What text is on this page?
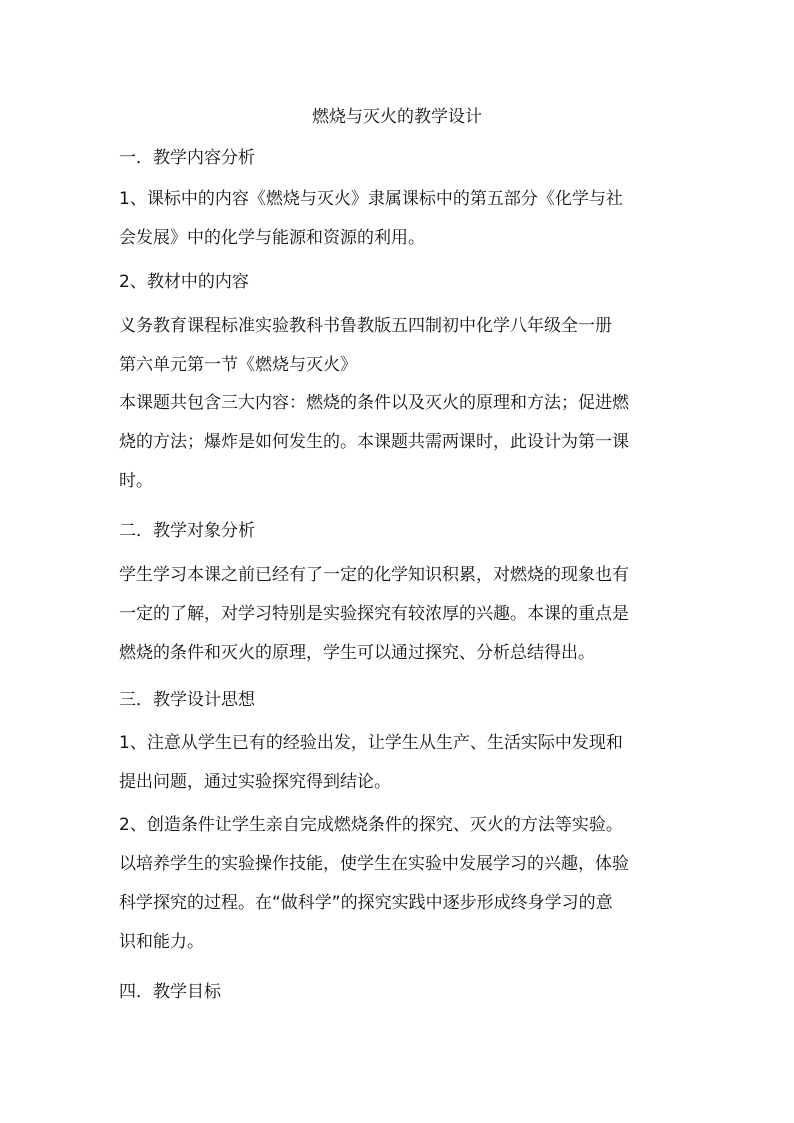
燃烧与灭火的教学设计

一．教学内容分析

1、课标中的内容《燃烧与灭火》隶属课标中的第五部分《化学与社
会发展》中的化学与能源和资源的利用。

2、教材中的内容

义务教育课程标准实验教科书鲁教版五四制初中化学八年级全一册
第六单元第一节《燃烧与灭火》

本课题共包含三大内容：燃烧的条件以及灭火的原理和方法；促进燃
烧的方法；爆炸是如何发生的。本课题共需两课时，此设计为第一课
时。

二．教学对象分析

学生学习本课之前已经有了一定的化学知识积累，对燃烧的现象也有
一定的了解，对学习特别是实验探究有较浓厚的兴趣。本课的重点是
燃烧的条件和灭火的原理，学生可以通过探究、分析总结得出。

三．教学设计思想

1、注意从学生已有的经验出发，让学生从生产、生活实际中发现和
提出问题，通过实验探究得到结论。

2、创造条件让学生亲自完成燃烧条件的探究、灭火的方法等实验。
以培养学生的实验操作技能，使学生在实验中发展学习的兴趣，体验
科学探究的过程。在“做科学”的探究实践中逐步形成终身学习的意
识和能力。

四．教学目标
